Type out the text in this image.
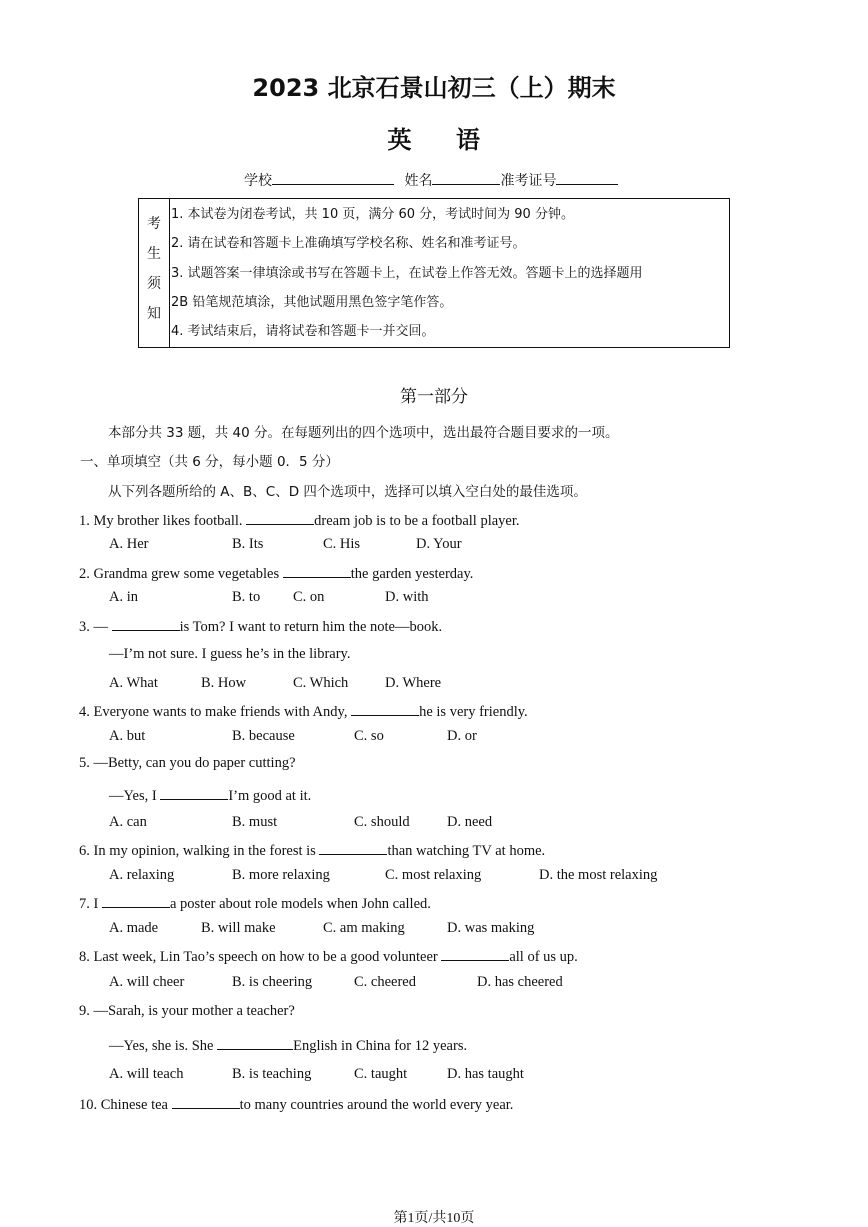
2023 北京石景山初三（上）期末
英 语
学校	姓名	准考证号
考
生
须
知
1. 本试卷为闭卷考试，共 10 页，满分 60 分，考试时间为 90 分钟。
2. 请在试卷和答题卡上准确填写学校名称、姓名和准考证号。
3. 试题答案一律填涂或书写在答题卡上，在试卷上作答无效。答题卡上的选择题用
2B 铅笔规范填涂，其他试题用黑色签字笔作答。
4. 考试结束后，请将试卷和答题卡一并交回。
第一部分
本部分共 33 题，共 40 分。在每题列出的四个选项中，选出最符合题目要求的一项。
一、单项填空（共 6 分，每小题 0．5 分）
从下列各题所给的 A、B、C、D 四个选项中，选择可以填入空白处的最佳选项。
1. My brother likes football.	dream job is to be a football player.
A. Her	B. Its	C. His	D. Your
2. Grandma grew some vegetables	the garden yesterday.
A. in	B. to C. on	D. with
3. —	is Tom? I want to return him the note—book.
—I’m not sure. I guess he’s in the library.
A. What	B. How	C. Which	D. Where
4. Everyone wants to make friends with Andy,	he is very friendly.
A. but	B. because	C. so	D. or
5. —Betty, can you do paper cutting?
—Yes, I	I’m good at it.
A. can	B. must	C. should	D. need
6. In my opinion, walking in the forest is	than watching TV at home.
A. relaxing	B. more relaxing	C. most relaxing	D. the most relaxing
7. I	a poster about role models when John called.
A. made	B. will make	C. am making	D. was making
8. Last week, Lin Tao’s speech on how to be a good volunteer	all of us up.
A. will cheer	B. is cheering	C. cheered	D. has cheered
9. —Sarah, is your mother a teacher?
—Yes, she is. She	English in China for 12 years.
A. will teach	B. is teaching	C. taught	D. has taught
10. Chinese tea	to many countries around the world every year.
第1页/共10页
